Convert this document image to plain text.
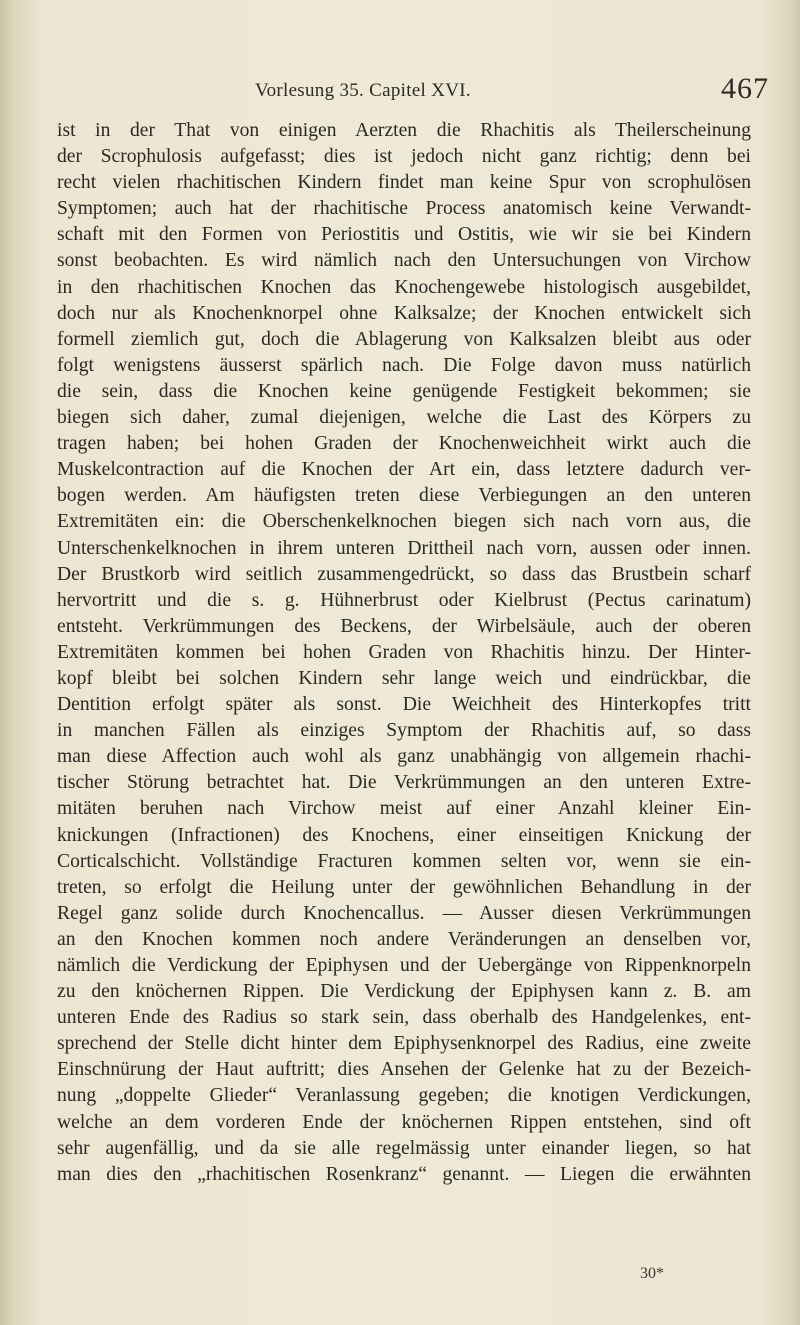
Vorlesung 35. Capitel XVI.	467
ist in der That von einigen Aerzten die Rhachitis als Theilerscheinung
der Scrophulosis aufgefasst; dies ist jedoch nicht ganz richtig; denn bei
recht vielen rhachitischen Kindern findet man keine Spur von scrophulösen
Symptomen; auch hat der rhachitische Process anatomisch keine Verwandt-
schaft mit den Formen von Periostitis und Ostitis, wie wir sie bei Kindern
sonst beobachten. Es wird nämlich nach den Untersuchungen von Virchow
in den rhachitischen Knochen das Knochengewebe histologisch ausgebildet,
doch nur als Knochenknorpel ohne Kalksalze; der Knochen entwickelt sich
formell ziemlich gut, doch die Ablagerung von Kalksalzen bleibt aus oder
folgt wenigstens äusserst spärlich nach. Die Folge davon muss natürlich
die sein, dass die Knochen keine genügende Festigkeit bekommen; sie
biegen sich daher, zumal diejenigen, welche die Last des Körpers zu
tragen haben; bei hohen Graden der Knochenweichheit wirkt auch die
Muskelcontraction auf die Knochen der Art ein, dass letztere dadurch ver-
bogen werden. Am häufigsten treten diese Verbiegungen an den unteren
Extremitäten ein: die Oberschenkelknochen biegen sich nach vorn aus, die
Unterschenkelknochen in ihrem unteren Drittheil nach vorn, aussen oder innen.
Der Brustkorb wird seitlich zusammengedrückt, so dass das Brustbein scharf
hervortritt und die s. g. Hühnerbrust oder Kielbrust (Pectus carinatum)
entsteht. Verkrümmungen des Beckens, der Wirbelsäule, auch der oberen
Extremitäten kommen bei hohen Graden von Rhachitis hinzu. Der Hinter-
kopf bleibt bei solchen Kindern sehr lange weich und eindrückbar, die
Dentition erfolgt später als sonst. Die Weichheit des Hinterkopfes tritt
in manchen Fällen als einziges Symptom der Rhachitis auf, so dass
man diese Affection auch wohl als ganz unabhängig von allgemein rhachi-
tischer Störung betrachtet hat. Die Verkrümmungen an den unteren Extre-
mitäten beruhen nach Virchow meist auf einer Anzahl kleiner Ein-
knickungen (Infractionen) des Knochens, einer einseitigen Knickung der
Corticalschicht. Vollständige Fracturen kommen selten vor, wenn sie ein-
treten, so erfolgt die Heilung unter der gewöhnlichen Behandlung in der
Regel ganz solide durch Knochencallus. — Ausser diesen Verkrümmungen
an den Knochen kommen noch andere Veränderungen an denselben vor,
nämlich die Verdickung der Epiphysen und der Uebergänge von Rippenknorpeln
zu den knöchernen Rippen. Die Verdickung der Epiphysen kann z. B. am
unteren Ende des Radius so stark sein, dass oberhalb des Handgelenkes, ent-
sprechend der Stelle dicht hinter dem Epiphysenknorpel des Radius, eine zweite
Einschnürung der Haut auftritt; dies Ansehen der Gelenke hat zu der Bezeich-
nung „doppelte Glieder“ Veranlassung gegeben; die knotigen Verdickungen,
welche an dem vorderen Ende der knöchernen Rippen entstehen, sind oft
sehr augenfällig, und da sie alle regelmässig unter einander liegen, so hat
man dies den „rhachitischen Rosenkranz“ genannt. — Liegen die erwähnten
30*
